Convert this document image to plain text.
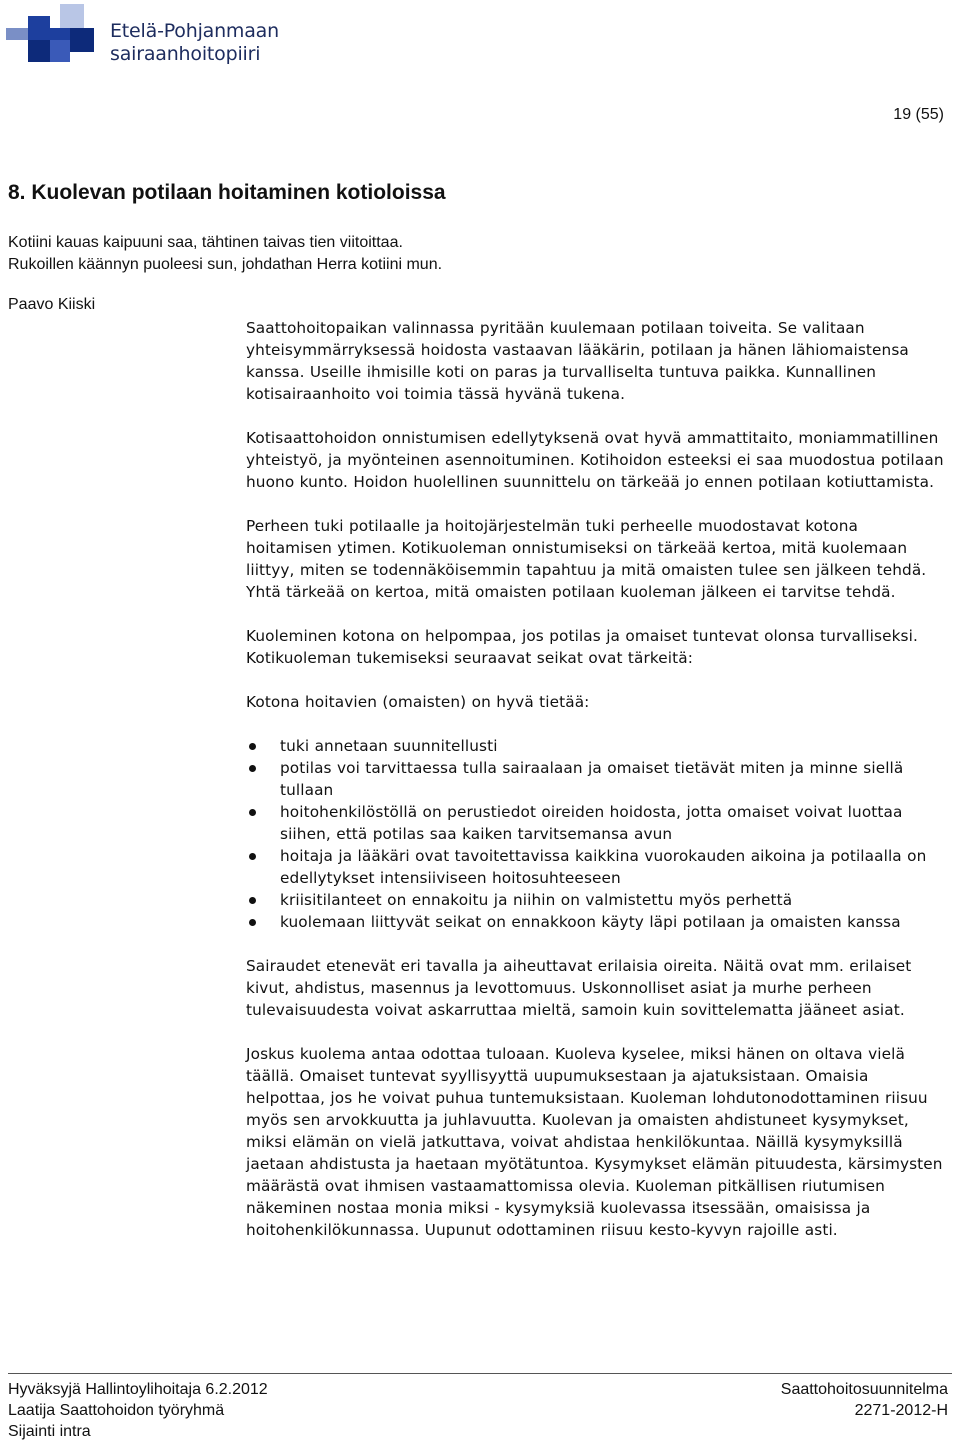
Etelä-Pohjanmaan
sairaanhoitopiiri
19 (55)
8. Kuolevan potilaan hoitaminen kotioloissa
Kotiini kauas kaipuuni saa, tähtinen taivas tien viitoittaa.
Rukoillen käännyn puoleesi sun, johdathan Herra kotiini mun.
Paavo Kiiski

Saattohoitopaikan valinnassa pyritään kuulemaan potilaan toiveita. Se valitaan yhteisymmärryksessä hoidosta vastaavan lääkärin, potilaan ja hänen lähiomaistensa kanssa. Useille ihmisille koti on paras ja turvalliselta tuntuva paikka. Kunnallinen kotisairaanhoito voi toimia tässä hyvänä tukena.

Kotisaattohoidon onnistumisen edellytyksenä ovat hyvä ammattitaito, moniammatillinen yhteistyö, ja myönteinen asennoituminen. Kotihoidon esteeksi ei saa muodostua potilaan huono kunto. Hoidon huolellinen suunnittelu on tärkeää jo ennen potilaan kotiuttamista.

Perheen tuki potilaalle ja hoitojärjestelmän tuki perheelle muodostavat kotona hoitamisen ytimen. Kotikuoleman onnistumiseksi on tärkeää kertoa, mitä kuolemaan liittyy, miten se todennäköisemmin tapahtuu ja mitä omaisten tulee sen jälkeen tehdä. Yhtä tärkeää on kertoa, mitä omaisten potilaan kuoleman jälkeen ei tarvitse tehdä.

Kuoleminen kotona on helpompaa, jos potilas ja omaiset tuntevat olonsa turvalliseksi. Kotikuoleman tukemiseksi seuraavat seikat ovat tärkeitä:

Kotona hoitavien (omaisten) on hyvä tietää:

tuki annetaan suunnitellusti
potilas voi tarvittaessa tulla sairaalaan ja omaiset tietävät miten ja minne siellä tullaan
hoitohenkilöstöllä on perustiedot oireiden hoidosta, jotta omaiset voivat luottaa siihen, että potilas saa kaiken tarvitsemansa avun
hoitaja ja lääkäri ovat tavoitettavissa kaikkina vuorokauden aikoina ja potilaalla on edellytykset intensiiviseen hoitosuhteeseen
kriisitilanteet on ennakoitu ja niihin on valmistettu myös perhettä
kuolemaan liittyvät seikat on ennakkoon käyty läpi potilaan ja omaisten kanssa

Sairaudet etenevät eri tavalla ja aiheuttavat erilaisia oireita. Näitä ovat mm. erilaiset kivut, ahdistus, masennus ja levottomuus. Uskonnolliset asiat ja murhe perheen tulevaisuudesta voivat askarruttaa mieltä, samoin kuin sovittelematta jääneet asiat.

Joskus kuolema antaa odottaa tuloaan. Kuoleva kyselee, miksi hänen on oltava vielä täällä. Omaiset tuntevat syyllisyyttä uupumuksestaan ja ajatuksistaan. Omaisia helpottaa, jos he voivat puhua tuntemuksistaan. Kuoleman lohdutonodottaminen riisuu myös sen arvokkuutta ja juhlavuutta. Kuolevan ja omaisten ahdistuneet kysymykset, miksi elämän on vielä jatkuttava, voivat ahdistaa henkilökuntaa. Näillä kysymyksillä jaetaan ahdistusta ja haetaan myötätuntoa. Kysymykset elämän pituudesta, kärsimysten määrästä ovat ihmisen vastaamattomissa olevia. Kuoleman pitkällisen riutumisen näkeminen nostaa monia miksi - kysymyksiä kuolevassa itsessään, omaisissa ja hoitohenkilökunnassa. Uupunut odottaminen riisuu kesto-kyvyn rajoille asti.

Hyväksyjä Hallintoylihoitaja 6.2.2012
Laatija Saattohoidon työryhmä
Sijainti intra
Saattohoitosuunnitelma
2271-2012-H
